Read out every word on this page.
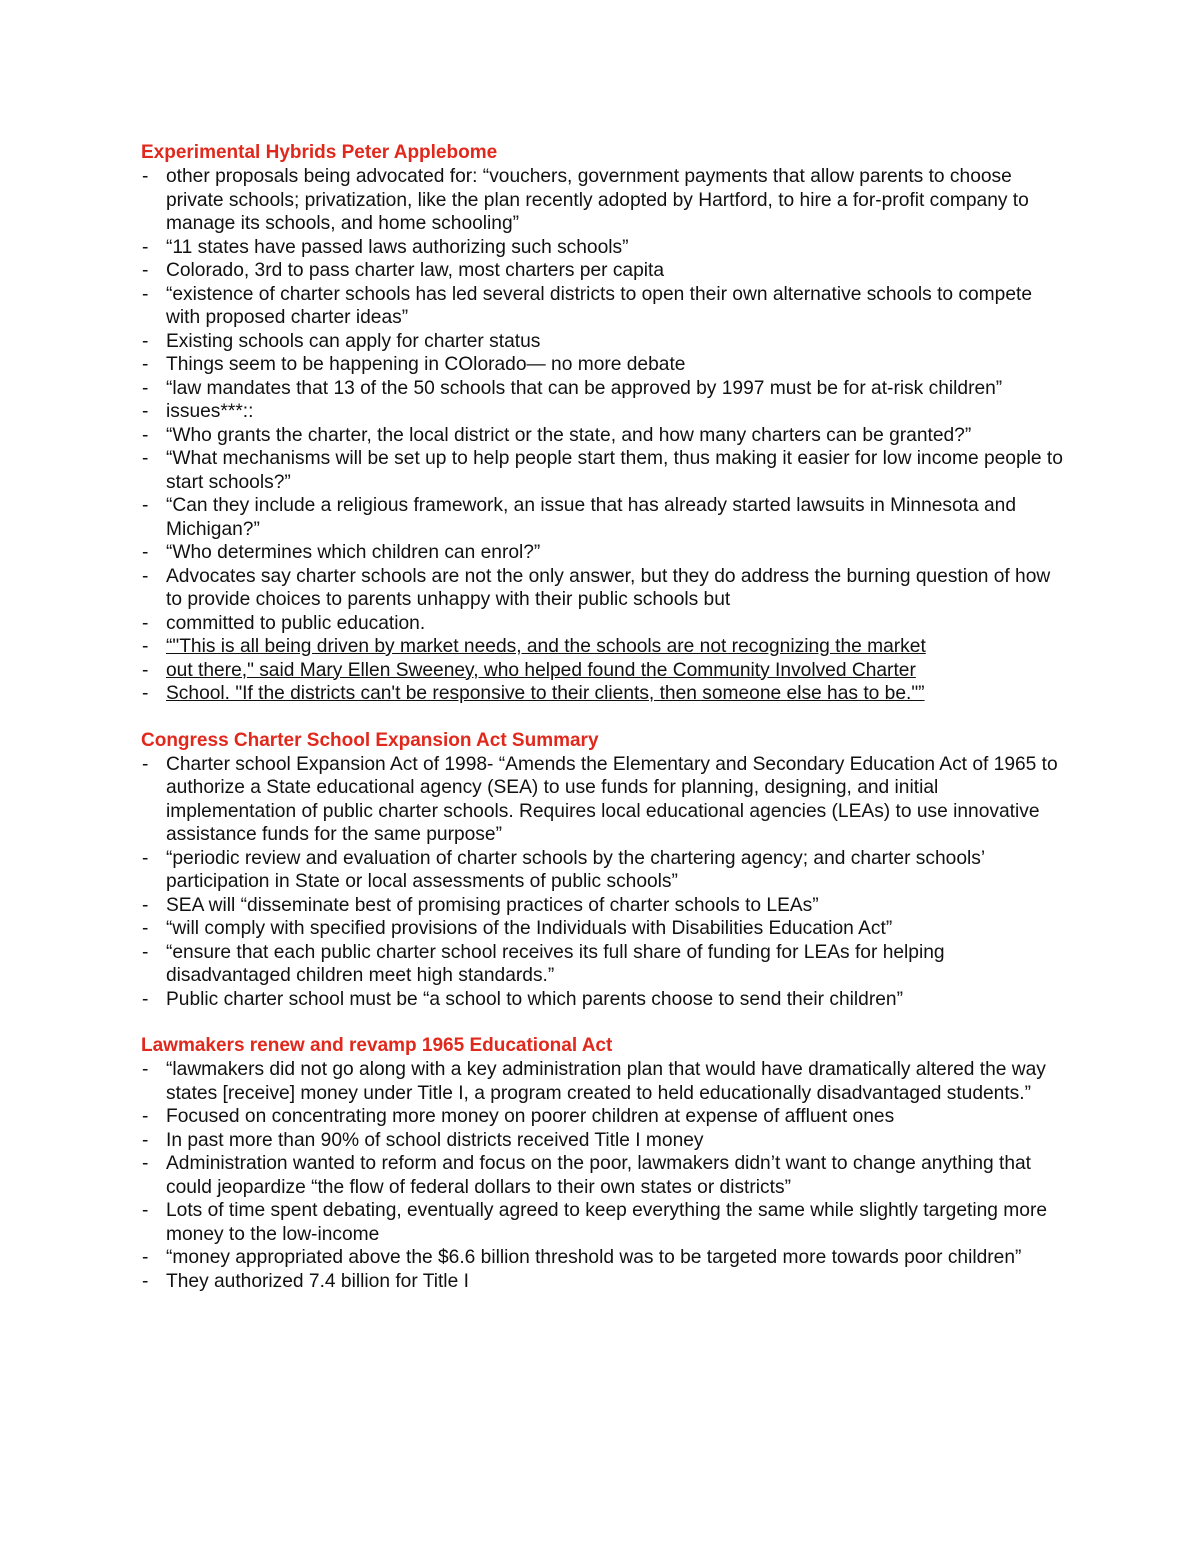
Experimental Hybrids Peter Applebome
- other proposals being advocated for: “vouchers, government payments that allow parents to choose private schools; privatization, like the plan recently adopted by Hartford, to hire a for-profit company to manage its schools, and home schooling”
- “11 states have passed laws authorizing such schools”
- Colorado, 3rd to pass charter law, most charters per capita
- “existence of charter schools has led several districts to open their own alternative schools to compete with proposed charter ideas”
- Existing schools can apply for charter status
- Things seem to be happening in COlorado— no more debate
- “law mandates that 13 of the 50 schools that can be approved by 1997 must be for at-risk children”
- issues***::
- “Who grants the charter, the local district or the state, and how many charters can be granted?”
- “What mechanisms will be set up to help people start them, thus making it easier for low income people to start schools?”
- “Can they include a religious framework, an issue that has already started lawsuits in Minnesota and Michigan?”
- “Who determines which children can enrol?”
- Advocates say charter schools are not the only answer, but they do address the burning question of how to provide choices to parents unhappy with their public schools but
- committed to public education.
- “"This is all being driven by market needs, and the schools are not recognizing the market
- out there," said Mary Ellen Sweeney, who helped found the Community Involved Charter
- School. "If the districts can't be responsive to their clients, then someone else has to be."”
Congress Charter School Expansion Act Summary
- Charter school Expansion Act of 1998- “Amends the Elementary and Secondary Education Act of 1965 to authorize a State educational agency (SEA) to use funds for planning, designing, and initial implementation of public charter schools. Requires local educational agencies (LEAs) to use innovative assistance funds for the same purpose”
- “periodic review and evaluation of charter schools by the chartering agency; and charter schools’ participation in State or local assessments of public schools”
- SEA will “disseminate best of promising practices of charter schools to LEAs”
- “will comply with specified provisions of the Individuals with Disabilities Education Act”
- “ensure that each public charter school receives its full share of funding for LEAs for helping disadvantaged children meet high standards.”
- Public charter school must be “a school to which parents choose to send their children”
Lawmakers renew and revamp 1965 Educational Act
- “lawmakers did not go along with a key administration plan that would have dramatically altered the way states [receive] money under Title I, a program created to held educationally disadvantaged students.”
- Focused on concentrating more money on poorer children at expense of affluent ones
- In past more than 90% of school districts received Title I money
- Administration wanted to reform and focus on the poor, lawmakers didn’t want to change anything that could jeopardize “the flow of federal dollars to their own states or districts”
- Lots of time spent debating, eventually agreed to keep everything the same while slightly targeting more money to the low-income
- “money appropriated above the $6.6 billion threshold was to be targeted more towards poor children”
- They authorized 7.4 billion for Title I
